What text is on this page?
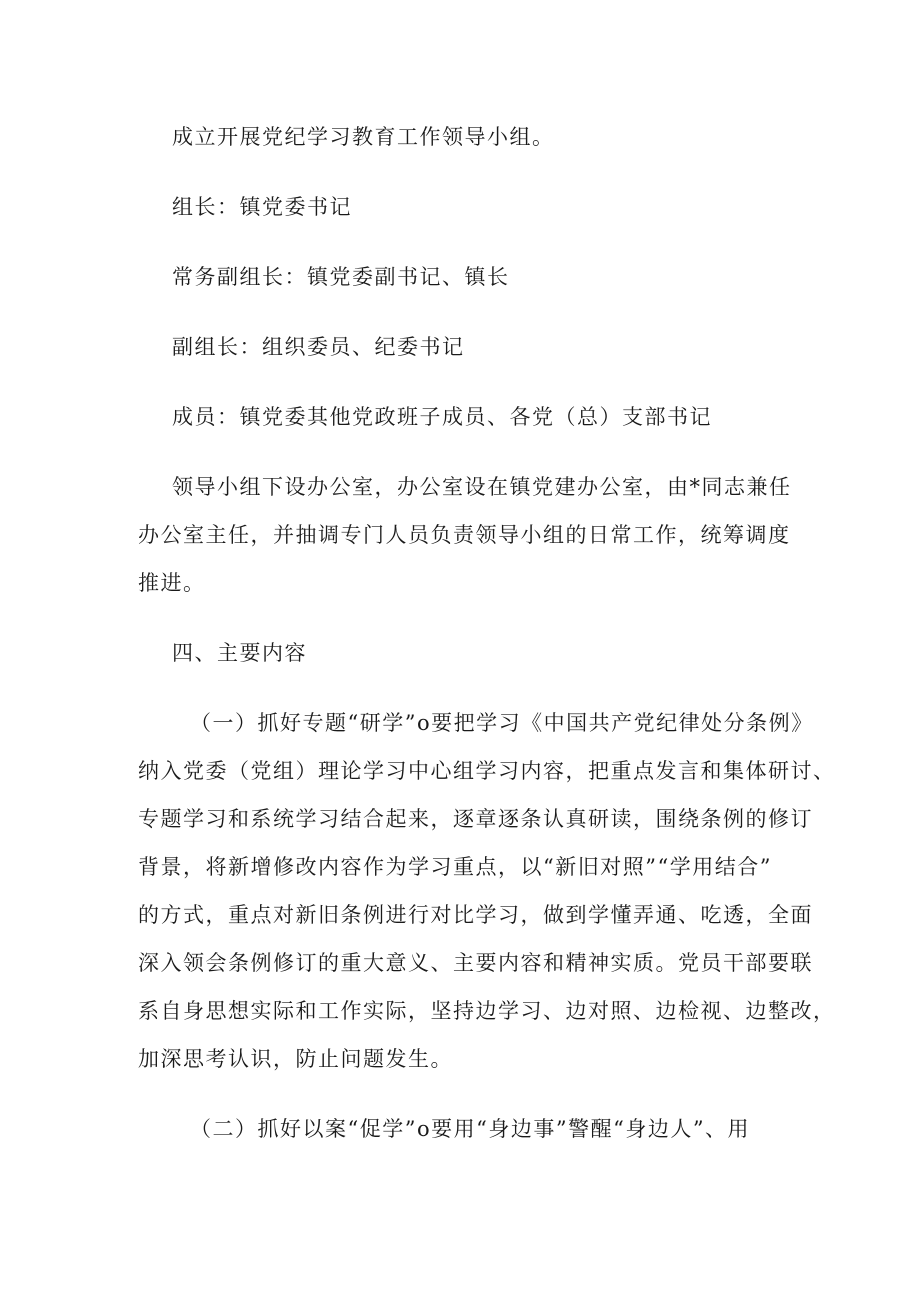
成立开展党纪学习教育工作领导小组。
组长：镇党委书记
常务副组长：镇党委副书记、镇长
副组长：组织委员、纪委书记
成员：镇党委其他党政班子成员、各党（总）支部书记
领导小组下设办公室，办公室设在镇党建办公室，由*同志兼任
办公室主任，并抽调专门人员负责领导小组的日常工作，统筹调度
推进。
四、主要内容
（一）抓好专题“研学”o要把学习《中国共产党纪律处分条例》
纳入党委（党组）理论学习中心组学习内容，把重点发言和集体研讨、
专题学习和系统学习结合起来，逐章逐条认真研读，围绕条例的修订
背景，将新增修改内容作为学习重点，以“新旧对照”“学用结合”
的方式，重点对新旧条例进行对比学习，做到学懂弄通、吃透，全面
深入领会条例修订的重大意义、主要内容和精神实质。党员干部要联
系自身思想实际和工作实际，坚持边学习、边对照、边检视、边整改，
加深思考认识，防止问题发生。
（二）抓好以案“促学”o要用“身边事”警醒“身边人”、用
